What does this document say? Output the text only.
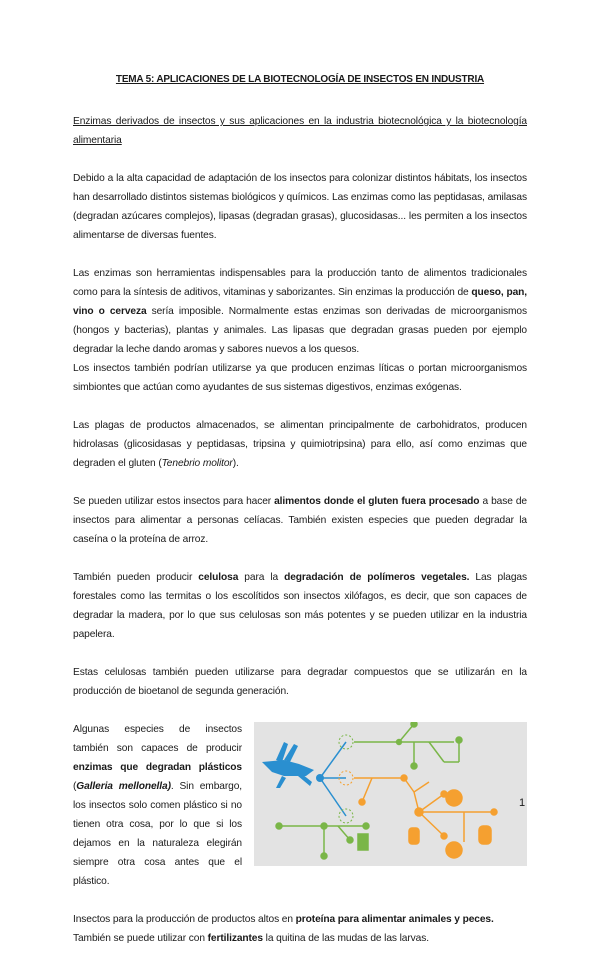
TEMA 5: APLICACIONES DE LA BIOTECNOLOGÍA DE INSECTOS EN INDUSTRIA
Enzimas derivados de insectos y sus aplicaciones en la industria biotecnológica y la biotecnología alimentaria
Debido a la alta capacidad de adaptación de los insectos para colonizar distintos hábitats, los insectos han desarrollado distintos sistemas biológicos y químicos. Las enzimas como las peptidasas, amilasas (degradan azúcares complejos), lipasas (degradan grasas), glucosidasas... les permiten a los insectos alimentarse de diversas fuentes.
Las enzimas son herramientas indispensables para la producción tanto de alimentos tradicionales como para la síntesis de aditivos, vitaminas y saborizantes. Sin enzimas la producción de queso, pan, vino o cerveza sería imposible. Normalmente estas enzimas son derivadas de microorganismos (hongos y bacterias), plantas y animales. Las lipasas que degradan grasas pueden por ejemplo degradar la leche dando aromas y sabores nuevos a los quesos.
Los insectos también podrían utilizarse ya que producen enzimas líticas o portan microorganismos simbiontes que actúan como ayudantes de sus sistemas digestivos, enzimas exógenas.
Las plagas de productos almacenados, se alimentan principalmente de carbohidratos, producen hidrolasas (glicosidasas y peptidasas, tripsina y quimiotripsina) para ello, así como enzimas que degraden el gluten (Tenebrio molitor).
Se pueden utilizar estos insectos para hacer alimentos donde el gluten fuera procesado a base de insectos para alimentar a personas celíacas. También existen especies que pueden degradar la caseína o la proteína de arroz.
También pueden producir celulosa para la degradación de polímeros vegetales. Las plagas forestales como las termitas o los escolítidos son insectos xilófagos, es decir, que son capaces de degradar la madera, por lo que sus celulosas son más potentes y se pueden utilizar en la industria papelera.
Estas celulosas también pueden utilizarse para degradar compuestos que se utilizarán en la producción de bioetanol de segunda generación.
Algunas especies de insectos también son capaces de producir enzimas que degradan plásticos (Galleria mellonella). Sin embargo, los insectos solo comen plástico si no tienen otra cosa, por lo que si los dejamos en la naturaleza elegirán siempre otra cosa antes que el plástico.
Insectos para la producción de productos altos en proteína para alimentar animales y peces.
También se puede utilizar con fertilizantes la quitina de las mudas de las larvas.
1
